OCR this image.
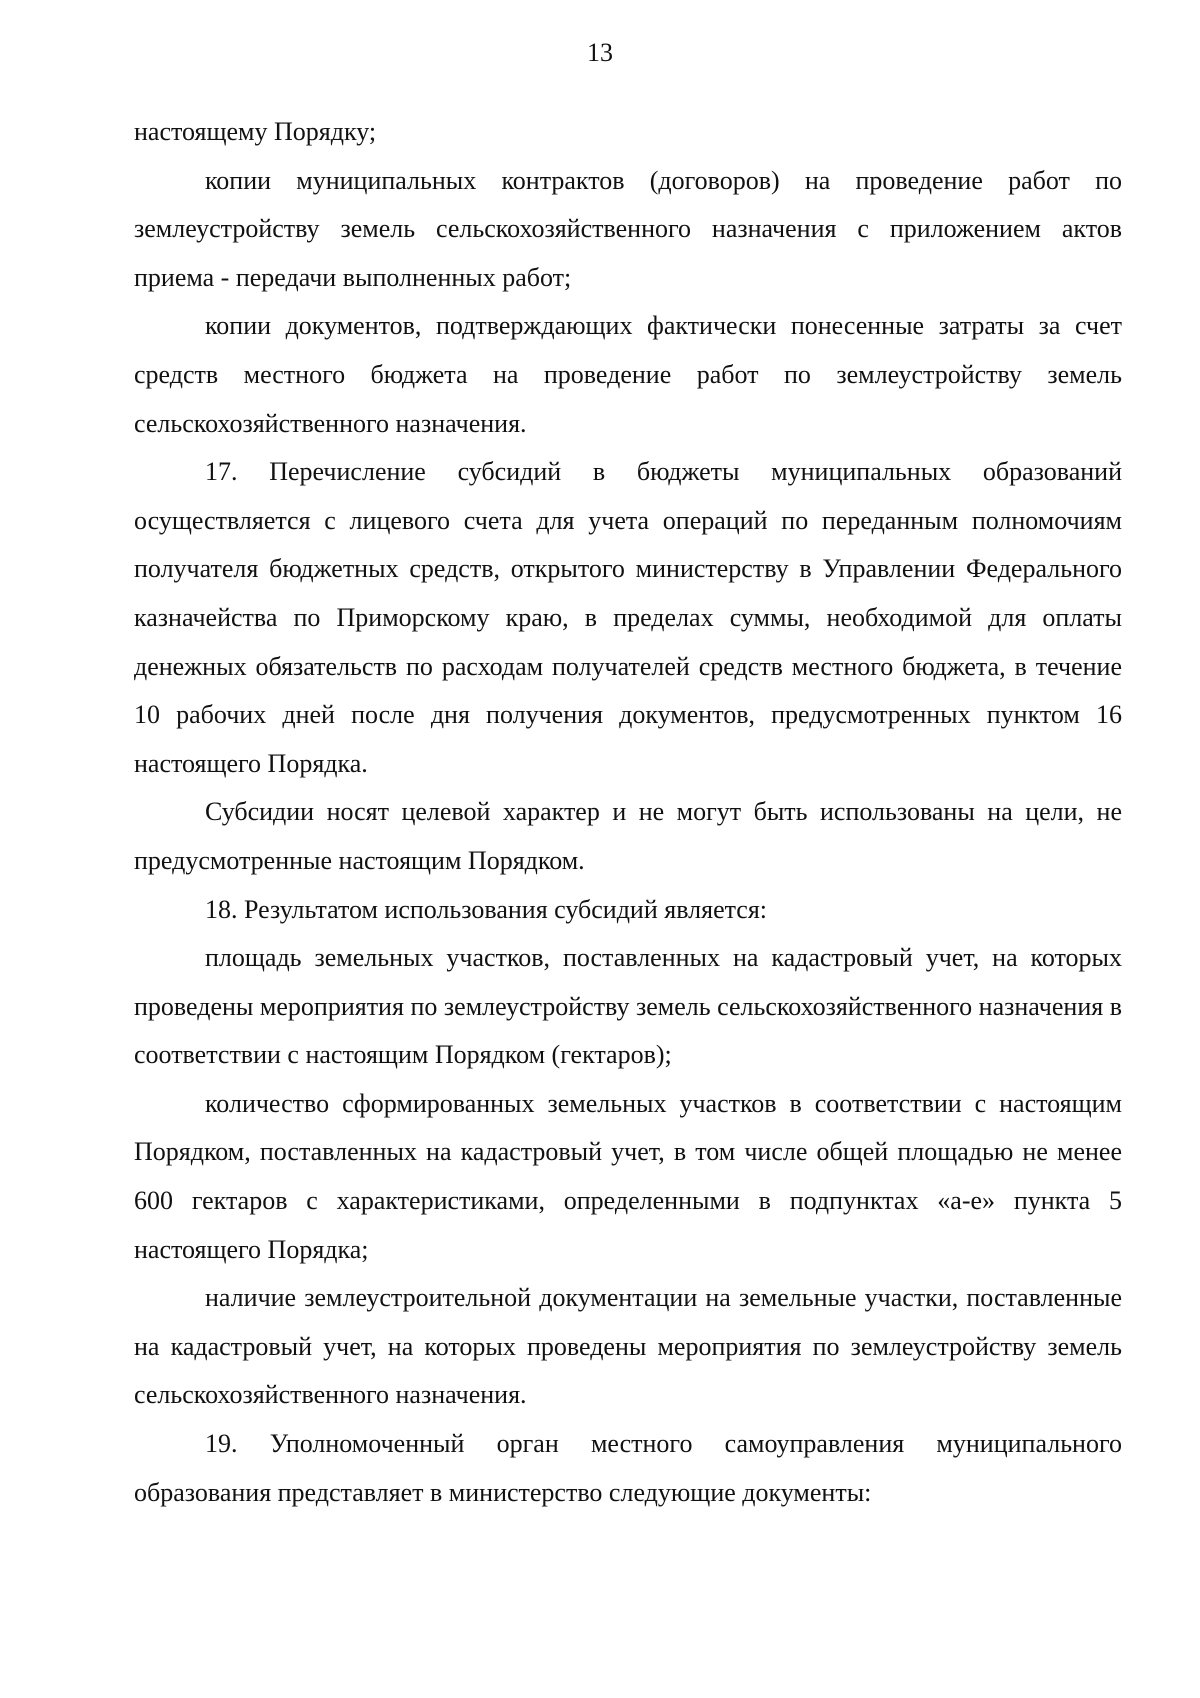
13

настоящему Порядку;

копии муниципальных контрактов (договоров) на проведение работ по землеустройству земель сельскохозяйственного назначения с приложением актов приема - передачи выполненных работ;

копии документов, подтверждающих фактически понесенные затраты за счет средств местного бюджета на проведение работ по землеустройству земель сельскохозяйственного назначения.

17. Перечисление субсидий в бюджеты муниципальных образований осуществляется с лицевого счета для учета операций по переданным полномочиям получателя бюджетных средств, открытого министерству в Управлении Федерального казначейства по Приморскому краю, в пределах суммы, необходимой для оплаты денежных обязательств по расходам получателей средств местного бюджета, в течение 10 рабочих дней после дня получения документов, предусмотренных пунктом 16 настоящего Порядка.

Субсидии носят целевой характер и не могут быть использованы на цели, не предусмотренные настоящим Порядком.

18. Результатом использования субсидий является:

площадь земельных участков, поставленных на кадастровый учет, на которых проведены мероприятия по землеустройству земель сельскохозяйственного назначения в соответствии с настоящим Порядком (гектаров);

количество сформированных земельных участков в соответствии с настоящим Порядком, поставленных на кадастровый учет, в том числе общей площадью не менее 600 гектаров с характеристиками, определенными в подпунктах «а-е» пункта 5 настоящего Порядка;

наличие землеустроительной документации на земельные участки, поставленные на кадастровый учет, на которых проведены мероприятия по землеустройству земель сельскохозяйственного назначения.

19. Уполномоченный орган местного самоуправления муниципального образования представляет в министерство следующие документы:
